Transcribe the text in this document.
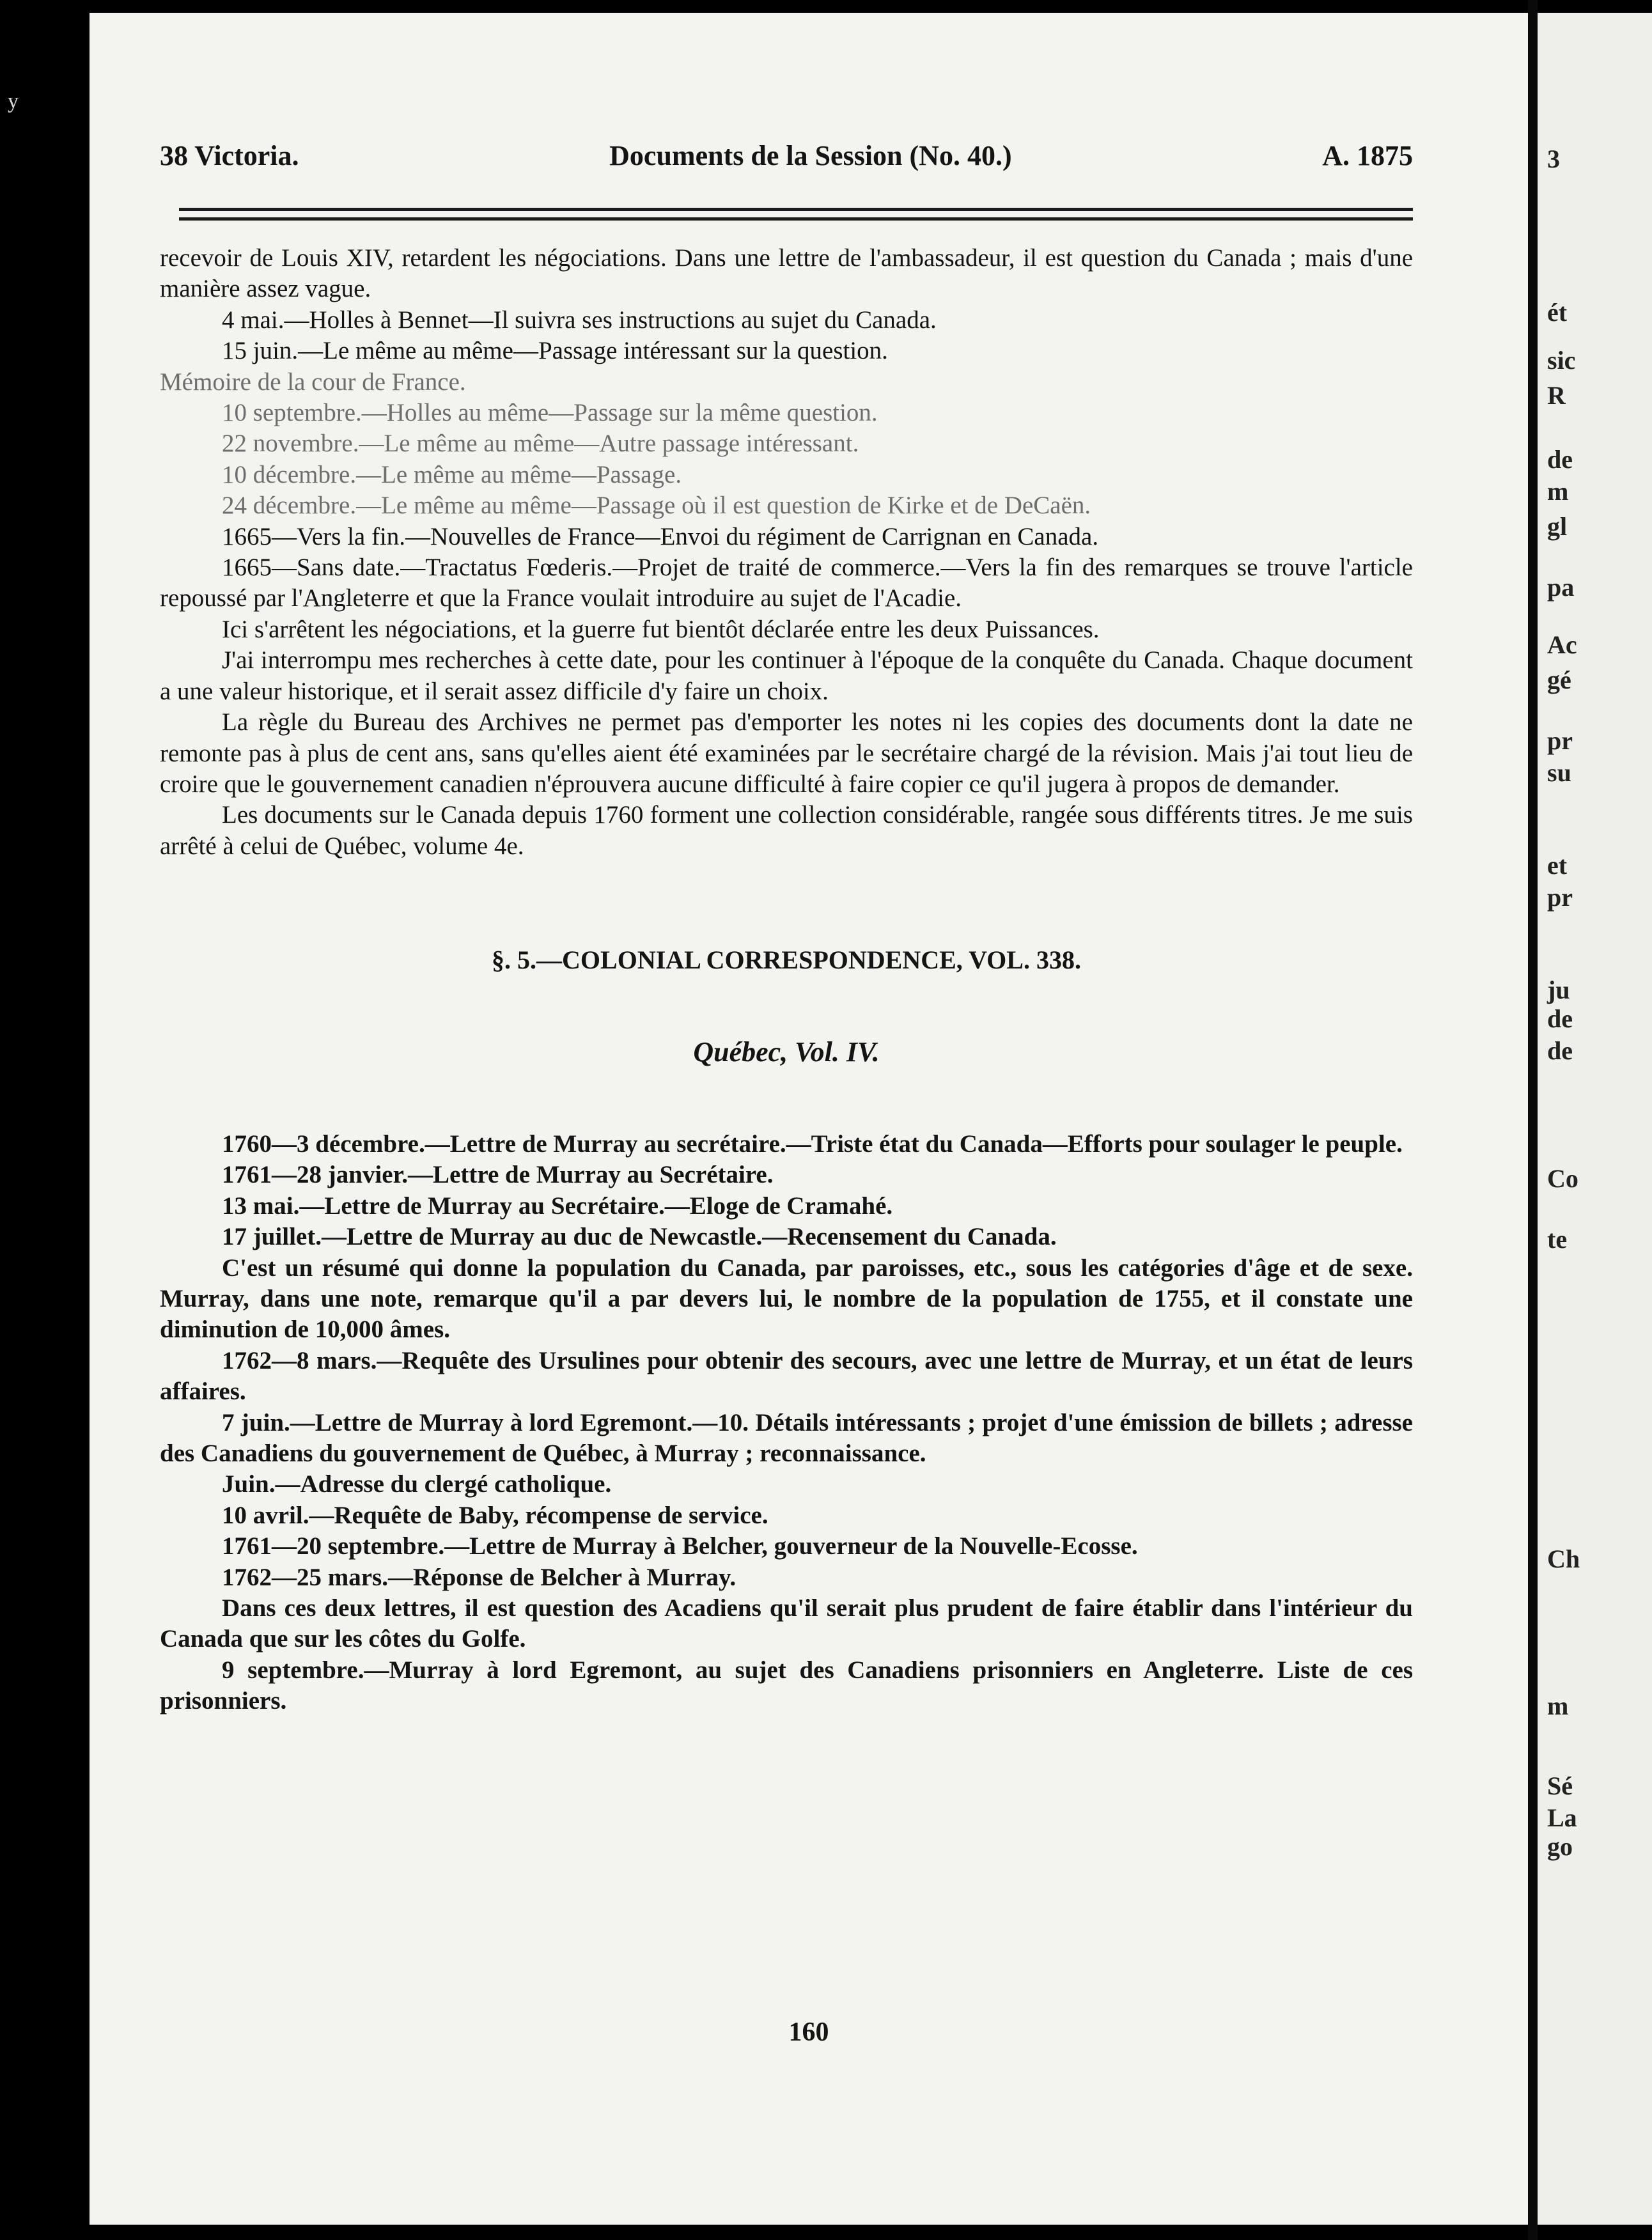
y
38 Victoria.	Documents de la Session (No. 40.)	A. 1875

recevoir de Louis XIV, retardent les négociations. Dans une lettre de l'ambassadeur, il est question du Canada ; mais d'une manière assez vague.

4 mai.—Holles à Bennet—Il suivra ses instructions au sujet du Canada.

15 juin.—Le même au même—Passage intéressant sur la question.

Mémoire de la cour de France.

10 septembre.—Holles au même—Passage sur la même question.

22 novembre.—Le même au même—Autre passage intéressant.

10 décembre.—Le même au même—Passage.

24 décembre.—Le même au même—Passage où il est question de Kirke et de DeCaën.

1665—Vers la fin.—Nouvelles de France—Envoi du régiment de Carrignan en Canada.

1665—Sans date.—Tractatus Fœderis.—Projet de traité de commerce.—Vers la fin des remarques se trouve l'article repoussé par l'Angleterre et que la France voulait introduire au sujet de l'Acadie.

Ici s'arrêtent les négociations, et la guerre fut bientôt déclarée entre les deux Puissances.

J'ai interrompu mes recherches à cette date, pour les continuer à l'époque de la conquête du Canada. Chaque document a une valeur historique, et il serait assez difficile d'y faire un choix.

La règle du Bureau des Archives ne permet pas d'emporter les notes ni les copies des documents dont la date ne remonte pas à plus de cent ans, sans qu'elles aient été examinées par le secrétaire chargé de la révision. Mais j'ai tout lieu de croire que le gouvernement canadien n'éprouvera aucune difficulté à faire copier ce qu'il jugera à propos de demander.

Les documents sur le Canada depuis 1760 forment une collection considérable, rangée sous différents titres. Je me suis arrêté à celui de Québec, volume 4e.

§. 5.—COLONIAL CORRESPONDENCE, VOL. 338.
Québec, Vol. IV.

1760—3 décembre.—Lettre de Murray au secrétaire.—Triste état du Canada—Efforts pour soulager le peuple.

1761—28 janvier.—Lettre de Murray au Secrétaire.

13 mai.—Lettre de Murray au Secrétaire.—Eloge de Cramahé.

17 juillet.—Lettre de Murray au duc de Newcastle.—Recensement du Canada.

C'est un résumé qui donne la population du Canada, par paroisses, etc., sous les catégories d'âge et de sexe. Murray, dans une note, remarque qu'il a par devers lui, le nombre de la population de 1755, et il constate une diminution de 10,000 âmes.

1762—8 mars.—Requête des Ursulines pour obtenir des secours, avec une lettre de Murray, et un état de leurs affaires.

7 juin.—Lettre de Murray à lord Egremont.—10. Détails intéressants ; projet d'une émission de billets ; adresse des Canadiens du gouvernement de Québec, à Murray ; reconnaissance.

Juin.—Adresse du clergé catholique.

10 avril.—Requête de Baby, récompense de service.

1761—20 septembre.—Lettre de Murray à Belcher, gouverneur de la Nouvelle-Ecosse.

1762—25 mars.—Réponse de Belcher à Murray.

Dans ces deux lettres, il est question des Acadiens qu'il serait plus prudent de faire établir dans l'intérieur du Canada que sur les côtes du Golfe.

9 septembre.—Murray à lord Egremont, au sujet des Canadiens prisonniers en Angleterre. Liste de ces prisonniers.

160
3
ét
sic
R
de
m
gl
pa
Ac
gé
pr
su
et
pr
ju
de
de
Co
te
Ch
m
Sé
La
go
